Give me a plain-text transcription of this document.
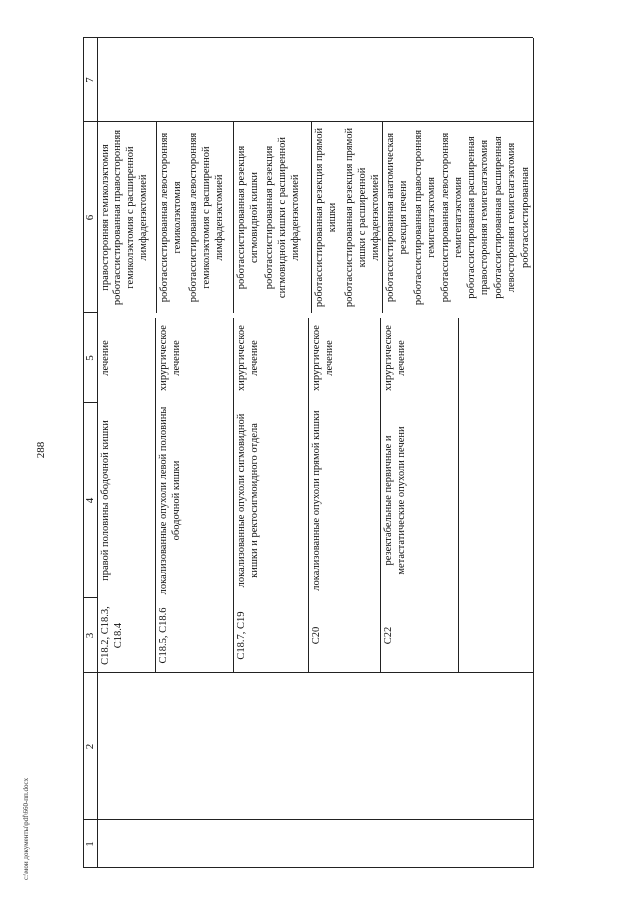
288
c:\мои документы\pdf\660-пп.docx	1
2
3
4
5
6
7
C18.2, C18.3, C18.4
правой половины ободочной кишки
лечение
правосторонняя гемиколэктомия роботассистированная правосторонняя гемиколэктомия с расширенной лимфаденэктомией
C18.5, C18.6
локализованные опухоли левой половины ободочной кишки
хирургическое лечение
роботассистированная левосторонняя гемиколэктомия роботассистированная левосторонняя гемиколэктомия с расширенной лимфаденэктомией
C18.7, C19
локализованные опухоли сигмовидной кишки и ректосигмоидного отдела
хирургическое лечение
роботассистированная резекция сигмовидной кишки роботассистированная резекция сигмовидной кишки с расширенной лимфаденэктомией
C20
локализованные опухоли прямой кишки
хирургическое лечение
роботассистированная резекция прямой кишки роботассистированная резекция прямой кишки с расширенной лимфаденэктомией
C22
резектабельные первичные и метастатические опухоли печени
хирургическое лечение
роботассистированная анатомическая резекция печени роботассистированная правосторонняя гемигепатэктомия роботассистированная левосторонняя гемигепатэктомия роботассистированная расширенная правосторонняя гемигепатэктомия роботассистированная расширенная левосторонняя гемигепатэктомия роботассистированная
